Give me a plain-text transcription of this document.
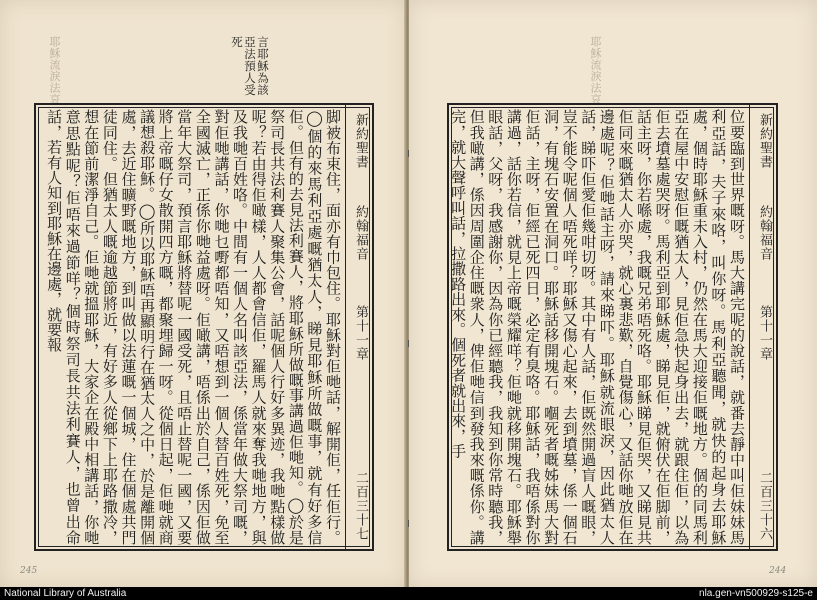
耶穌流淚法哀	言耶穌為該亞法預人受死
脚被布束住，面亦有巾包住。耶穌對佢哋話，解開佢，任佢行。◯個的來馬利亞處嘅猶太人，睇見耶穌所做嘅事，就有好多信佢。但有的去見法利賽人，將耶穌所做嘅事講過佢哋知。◯於是祭司長共法利賽人聚集公會，話呢個人行好多異迹，我哋點樣做呢？若由得佢噉樣，人人都會信佢，羅馬人就來奪我哋地方，與及我哋百姓咯。中間有一個人名叫該亞法，係當年做大祭司嘅，對佢哋講話，你哋乜嘢都唔知，又唔想到一個人替百姓死，免至全國滅亡，正係你哋益處呀。佢噉講，唔係出於自己，係因佢做當年大祭司，預言耶穌將替呢一國受死，且唔止替呢一國，又要將上帝嘅仔女散開四方嘅，都聚埋歸一呀。從個日起，佢哋就商議想殺耶穌。◯所以耶穌唔再顯明行在猶太人之中，於是離開個處，去近住曠野嘅地方，到叫做以法蓮嘅一個城，住在個處共門徒同住。但猶太人嘅逾越節將近，有好多人從鄉下上耶路撒冷，想在節前潔淨自己。佢哋就搵耶穌，大家企在殿中相講話，你哋意思點呢？佢唔來過節咩？個時祭司長共法利賽人，也曾出命話，若有人知到耶穌在邊處，就要報	新約聖書
約翰福音
第十一章
二百三十七
245
耶穌流淚法哀
位要臨到世界嘅呀。馬大講完呢的說話，就番去靜中叫佢妹妹馬利亞話，夫子來咯，叫你呀。馬利亞聽聞，就快的起身去耶穌處，個時耶穌重未入村，仍然在馬大迎接佢嘅地方。個的同馬利亞在屋中安慰佢嘅猶太人，見佢急快起身出去，就跟住佢，以為佢去墳墓處哭呀。馬利亞到耶穌處，睇見佢，就俯伏在佢脚前，話主呀，你若喺處，我嘅兄弟唔死咯。耶穌睇見佢哭，又睇見共佢同來嘅猶太人亦哭，就心裏悲歎，自覺傷心，又話你哋放佢在邊處呢？佢哋話主呀，請來睇吓。耶穌就流眼淚，因此猶太人話，睇吓佢愛佢幾咁切呀。其中有人話，佢既然開過盲人嘅眼，豈不能令呢個人唔死咩？耶穌又傷心起來，去到墳墓，係一個石洞，有塊石安置在洞口。耶穌話移開塊石。嗰死者嘅姊妹馬大對佢話，主呀，佢經已死四日，必定有臭咯。耶穌話，我唔係對你講過，話你若信，就見上帝嘅榮耀咩？佢哋就移開塊石。耶穌舉眼話，父呀，我感謝你，因為你已經聽我，我知到你常時聽我，但我噉講，係因周圍企住嘅衆人，俾佢哋信到發我來嘅係你。講完，就大聲呼叫話，拉撒路出來。個死者就出來，手	新約聖書
約翰福音
第十一章
二百三十六
244
National Library of Australia	nla.gen-vn500929-s125-e
